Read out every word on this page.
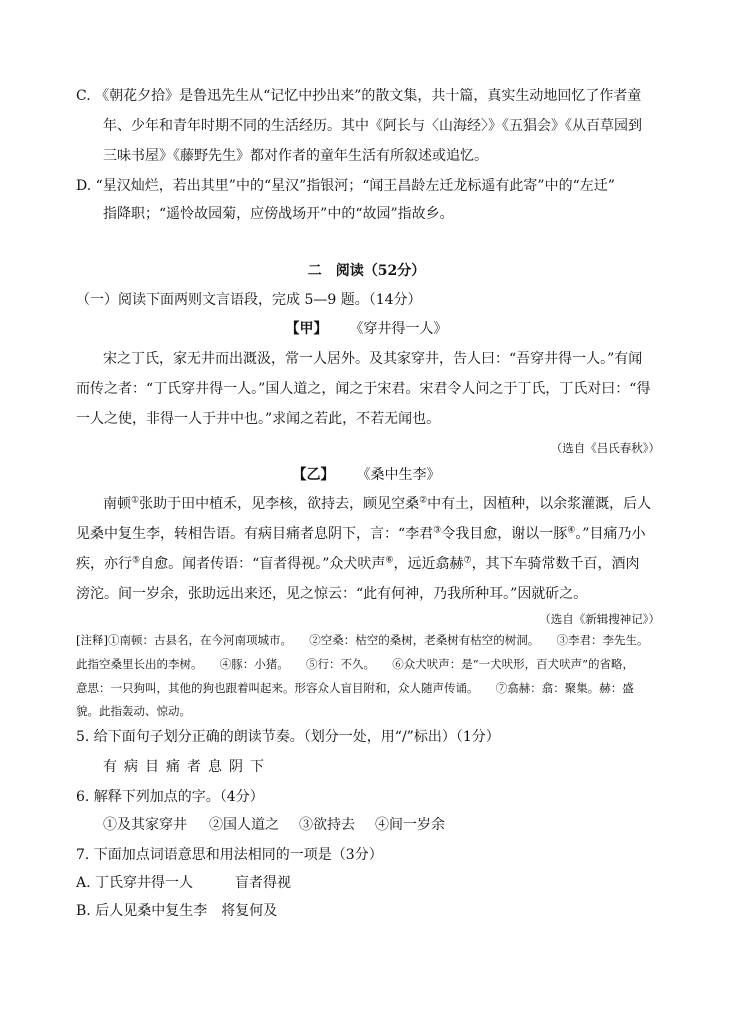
C. 《朝花夕拾》是鲁迅先生从“记忆中抄出来”的散文集，共十篇，真实生动地回忆了作者童
年、少年和青年时期不同的生活经历。其中《阿长与〈山海经〉》《五猖会》《从百草园到
三味书屋》《藤野先生》都对作者的童年生活有所叙述或追忆。
D. “星汉灿烂，若出其里”中的“星汉”指银河；“闻王昌龄左迁龙标遥有此寄”中的“左迁”
指降职；“遥怜故园菊，应傍战场开”中的“故园”指故乡。
二　阅读（52分）
（一）阅读下面两则文言语段，完成 5—9 题。（14分）
【甲】 《穿井得一人》
宋之丁氏，家无井而出溉汲，常一人居外。及其家穿井，告人曰：“吾穿井得一人。”有闻
而传之者：“丁氏穿井得一人。”国人道之，闻之于宋君。宋君令人问之于丁氏，丁氏对曰：“得
一人之使，非得一人于井中也。”求闻之若此，不若无闻也。
（选自《吕氏春秋》）
【乙】 《桑中生李》
南顿①张助于田中植禾，见李核，欲持去，顾见空桑②中有土，因植种，以余浆灌溉，后人
见桑中复生李，转相告语。有病目痛者息阴下，言：“李君③令我目愈，谢以一豚④。”目痛乃小
疾，亦行⑤自愈。闻者传语：“盲者得视。”众犬吠声⑥，远近翕赫⑦，其下车骑常数千百，酒肉
滂沱。间一岁余，张助远出来还，见之惊云：“此有何神，乃我所种耳。”因就斫之。
（选自《新辑搜神记》）
[注释]①南顿：古县名，在今河南项城市。　　②空桑：枯空的桑树，老桑树有枯空的树洞。　　③李君：李先生。
此指空桑里长出的李树。　　④豚：小猪。　　⑤行：不久。　　⑥众犬吠声：是“一犬吠形，百犬吠声”的省略，
意思：一只狗叫，其他的狗也跟着叫起来。形容众人盲目附和，众人随声传诵。　　⑦翕赫：翕：聚集。赫：盛
貌。此指轰动、惊动。
5. 给下面句子划分正确的朗读节奏。（划分一处，用“/”标出）（1分）
有病目痛者息阴下
6. 解释下列加点的字。（4分）
①及其家穿井 ②国人道之 ③欲持去 ④间一岁余
7. 下面加点词语意思和用法相同的一项是（3分）
A. 丁氏穿井得一人	盲者得视
B. 后人见桑中复生李 将复何及
